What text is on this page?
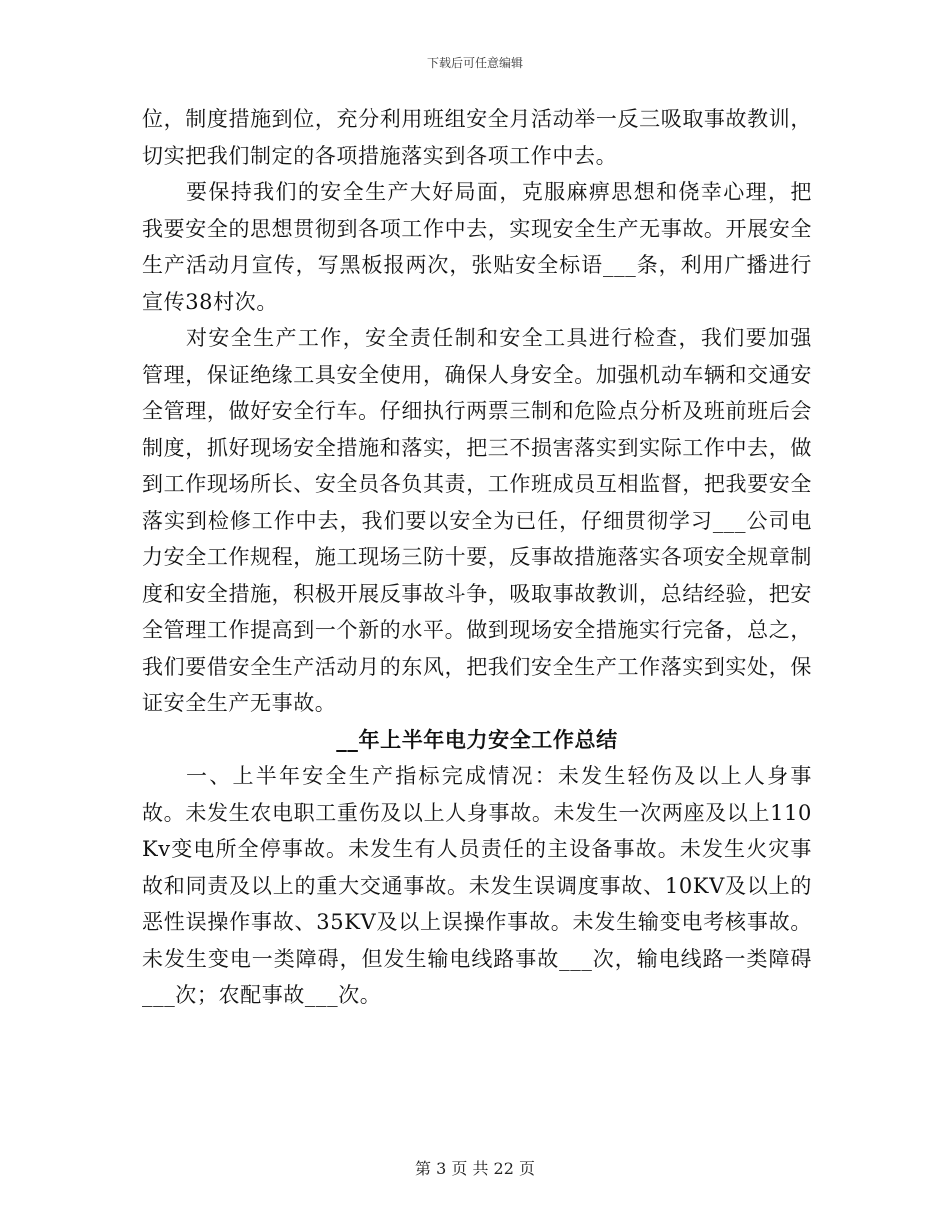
下载后可任意编辑

位，制度措施到位，充分利用班组安全月活动举一反三吸取事故教训，切实把我们制定的各项措施落实到各项工作中去。

要保持我们的安全生产大好局面，克服麻痹思想和侥幸心理，把我要安全的思想贯彻到各项工作中去，实现安全生产无事故。开展安全生产活动月宣传，写黑板报两次，张贴安全标语___条，利用广播进行宣传38村次。

对安全生产工作，安全责任制和安全工具进行检查，我们要加强管理，保证绝缘工具安全使用，确保人身安全。加强机动车辆和交通安全管理，做好安全行车。仔细执行两票三制和危险点分析及班前班后会制度，抓好现场安全措施和落实，把三不损害落实到实际工作中去，做到工作现场所长、安全员各负其责，工作班成员互相监督，把我要安全落实到检修工作中去，我们要以安全为已任，仔细贯彻学习___公司电力安全工作规程，施工现场三防十要，反事故措施落实各项安全规章制度和安全措施，积极开展反事故斗争，吸取事故教训，总结经验，把安全管理工作提高到一个新的水平。做到现场安全措施实行完备，总之，我们要借安全生产活动月的东风，把我们安全生产工作落实到实处，保证安全生产无事故。

__年上半年电力安全工作总结

一、上半年安全生产指标完成情况：未发生轻伤及以上人身事故。未发生农电职工重伤及以上人身事故。未发生一次两座及以上110Kv变电所全停事故。未发生有人员责任的主设备事故。未发生火灾事故和同责及以上的重大交通事故。未发生误调度事故、10KV及以上的恶性误操作事故、35KV及以上误操作事故。未发生输变电考核事故。未发生变电一类障碍，但发生输电线路事故___次，输电线路一类障碍___次；农配事故___次。

第 3 页 共 22 页
